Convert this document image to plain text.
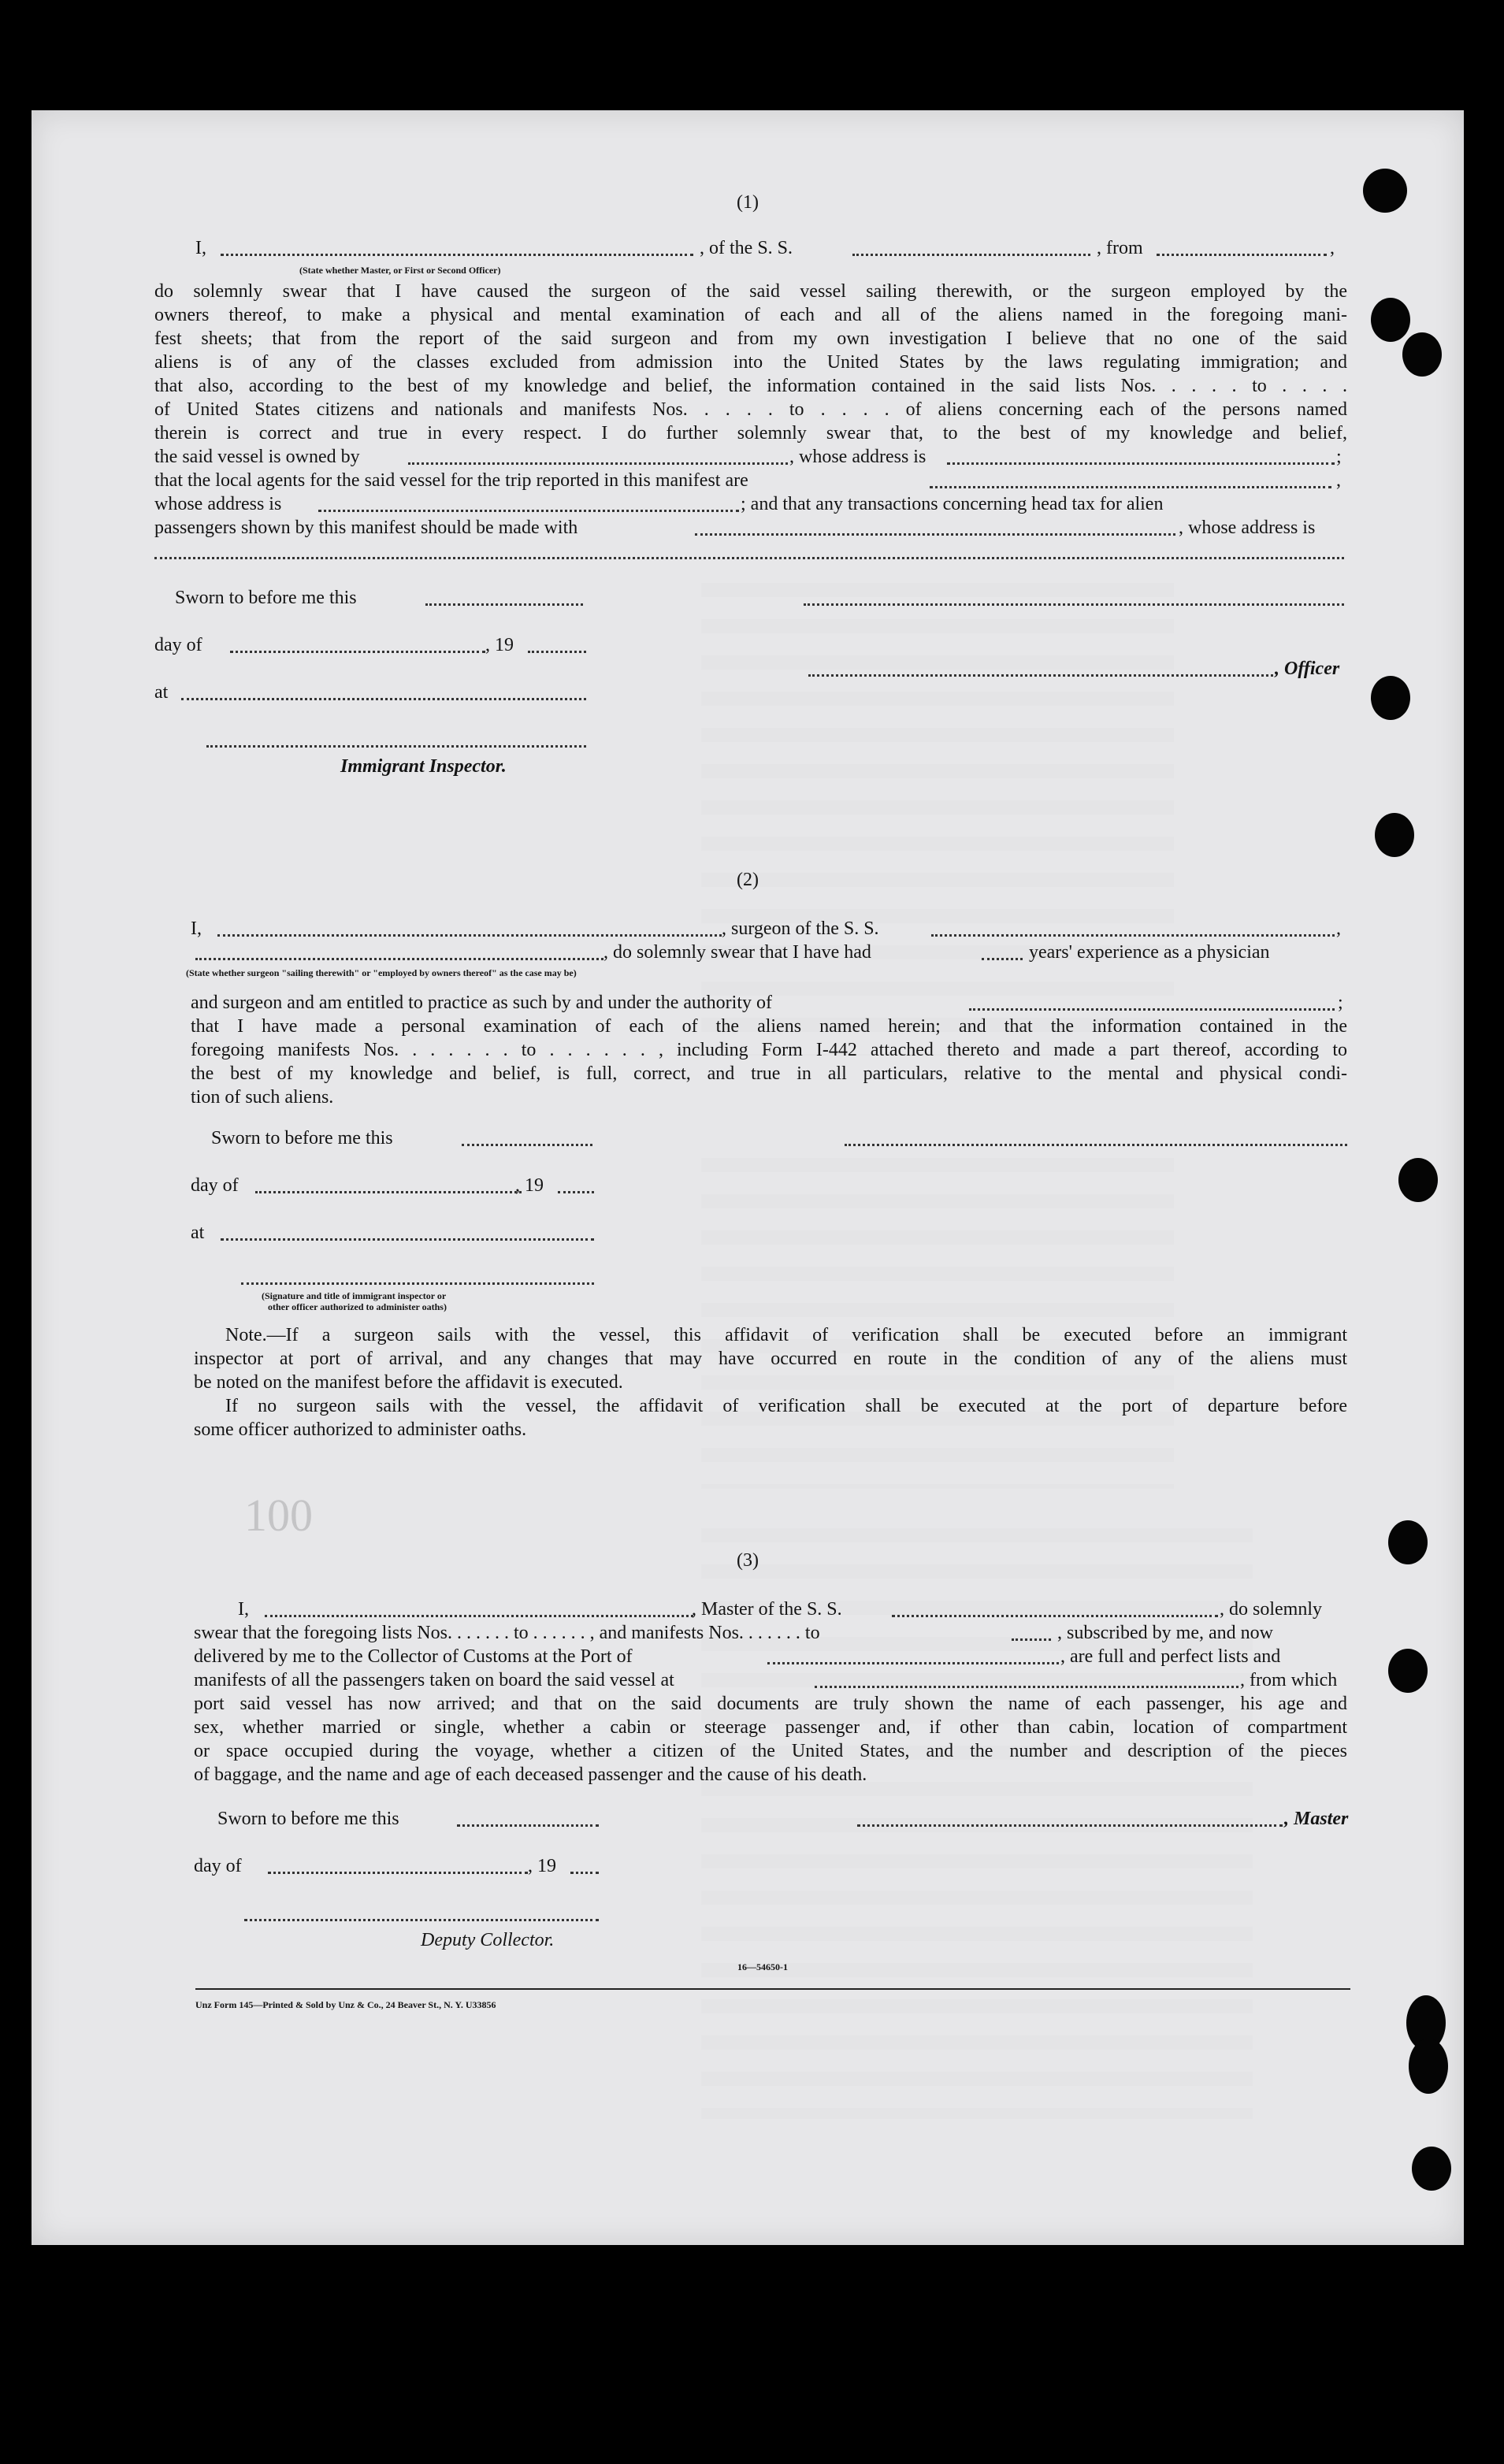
100
(1)
I,	, of the S. S.	, from	,
(State whether Master, or First or Second Officer)
do solemnly swear that I have caused the surgeon of the said vessel sailing therewith, or the surgeon employed by the
owners thereof, to make a physical and mental examination of each and all of the aliens named in the foregoing mani-
fest sheets; that from the report of the said surgeon and from my own investigation I believe that no one of the said
aliens is of any of the classes excluded from admission into the United States by the laws regulating immigration; and
that also, according to the best of my knowledge and belief, the information contained in the said lists Nos. . . . . to . . . .
of United States citizens and nationals and manifests Nos. . . . . to . . . . of aliens concerning each of the persons named
therein is correct and true in every respect. I do further solemnly swear that, to the best of my knowledge and belief,
the said vessel is owned by	, whose address is	;
that the local agents for the said vessel for the trip reported in this manifest are	,
whose address is	; and that any transactions concerning head tax for alien
passengers shown by this manifest should be made with	, whose address is
Sworn to before me this
day of	, 19
at
, Officer
Immigrant Inspector.
(2)
I,	, surgeon of the S. S.	,
, do solemnly swear that I have had	years' experience as a physician
(State whether surgeon "sailing therewith" or "employed by owners thereof" as the case may be)
and surgeon and am entitled to practice as such by and under the authority of	;
that I have made a personal examination of each of the aliens named herein; and that the information contained in the
foregoing manifests Nos. . . . . . . to . . . . . . , including Form I-442 attached thereto and made a part thereof, according to
the best of my knowledge and belief, is full, correct, and true in all particulars, relative to the mental and physical condi-
tion of such aliens.
Sworn to before me this
day of	, 19
at
(Signature and title of immigrant inspector or
other officer authorized to administer oaths)
Note.—If a surgeon sails with the vessel, this affidavit of verification shall be executed before an immigrant
inspector at port of arrival, and any changes that may have occurred en route in the condition of any of the aliens must
be noted on the manifest before the affidavit is executed.
If no surgeon sails with the vessel, the affidavit of verification shall be executed at the port of departure before
some officer authorized to administer oaths.
(3)
I,	, Master of the S. S.	, do solemnly
swear that the foregoing lists Nos. . . . . . . to . . . . . . , and manifests Nos. . . . . . . to	, subscribed by me, and now
delivered by me to the Collector of Customs at the Port of	, are full and perfect lists and
manifests of all the passengers taken on board the said vessel at	, from which
port said vessel has now arrived; and that on the said documents are truly shown the name of each passenger, his age and
sex, whether married or single, whether a cabin or steerage passenger and, if other than cabin, location of compartment
or space occupied during the voyage, whether a citizen of the United States, and the number and description of the pieces
of baggage, and the name and age of each deceased passenger and the cause of his death.
Sworn to before me this	, Master
day of	, 19
Deputy Collector.
16—54650-1
Unz Form 145—Printed & Sold by Unz & Co., 24 Beaver St., N. Y. U33856
